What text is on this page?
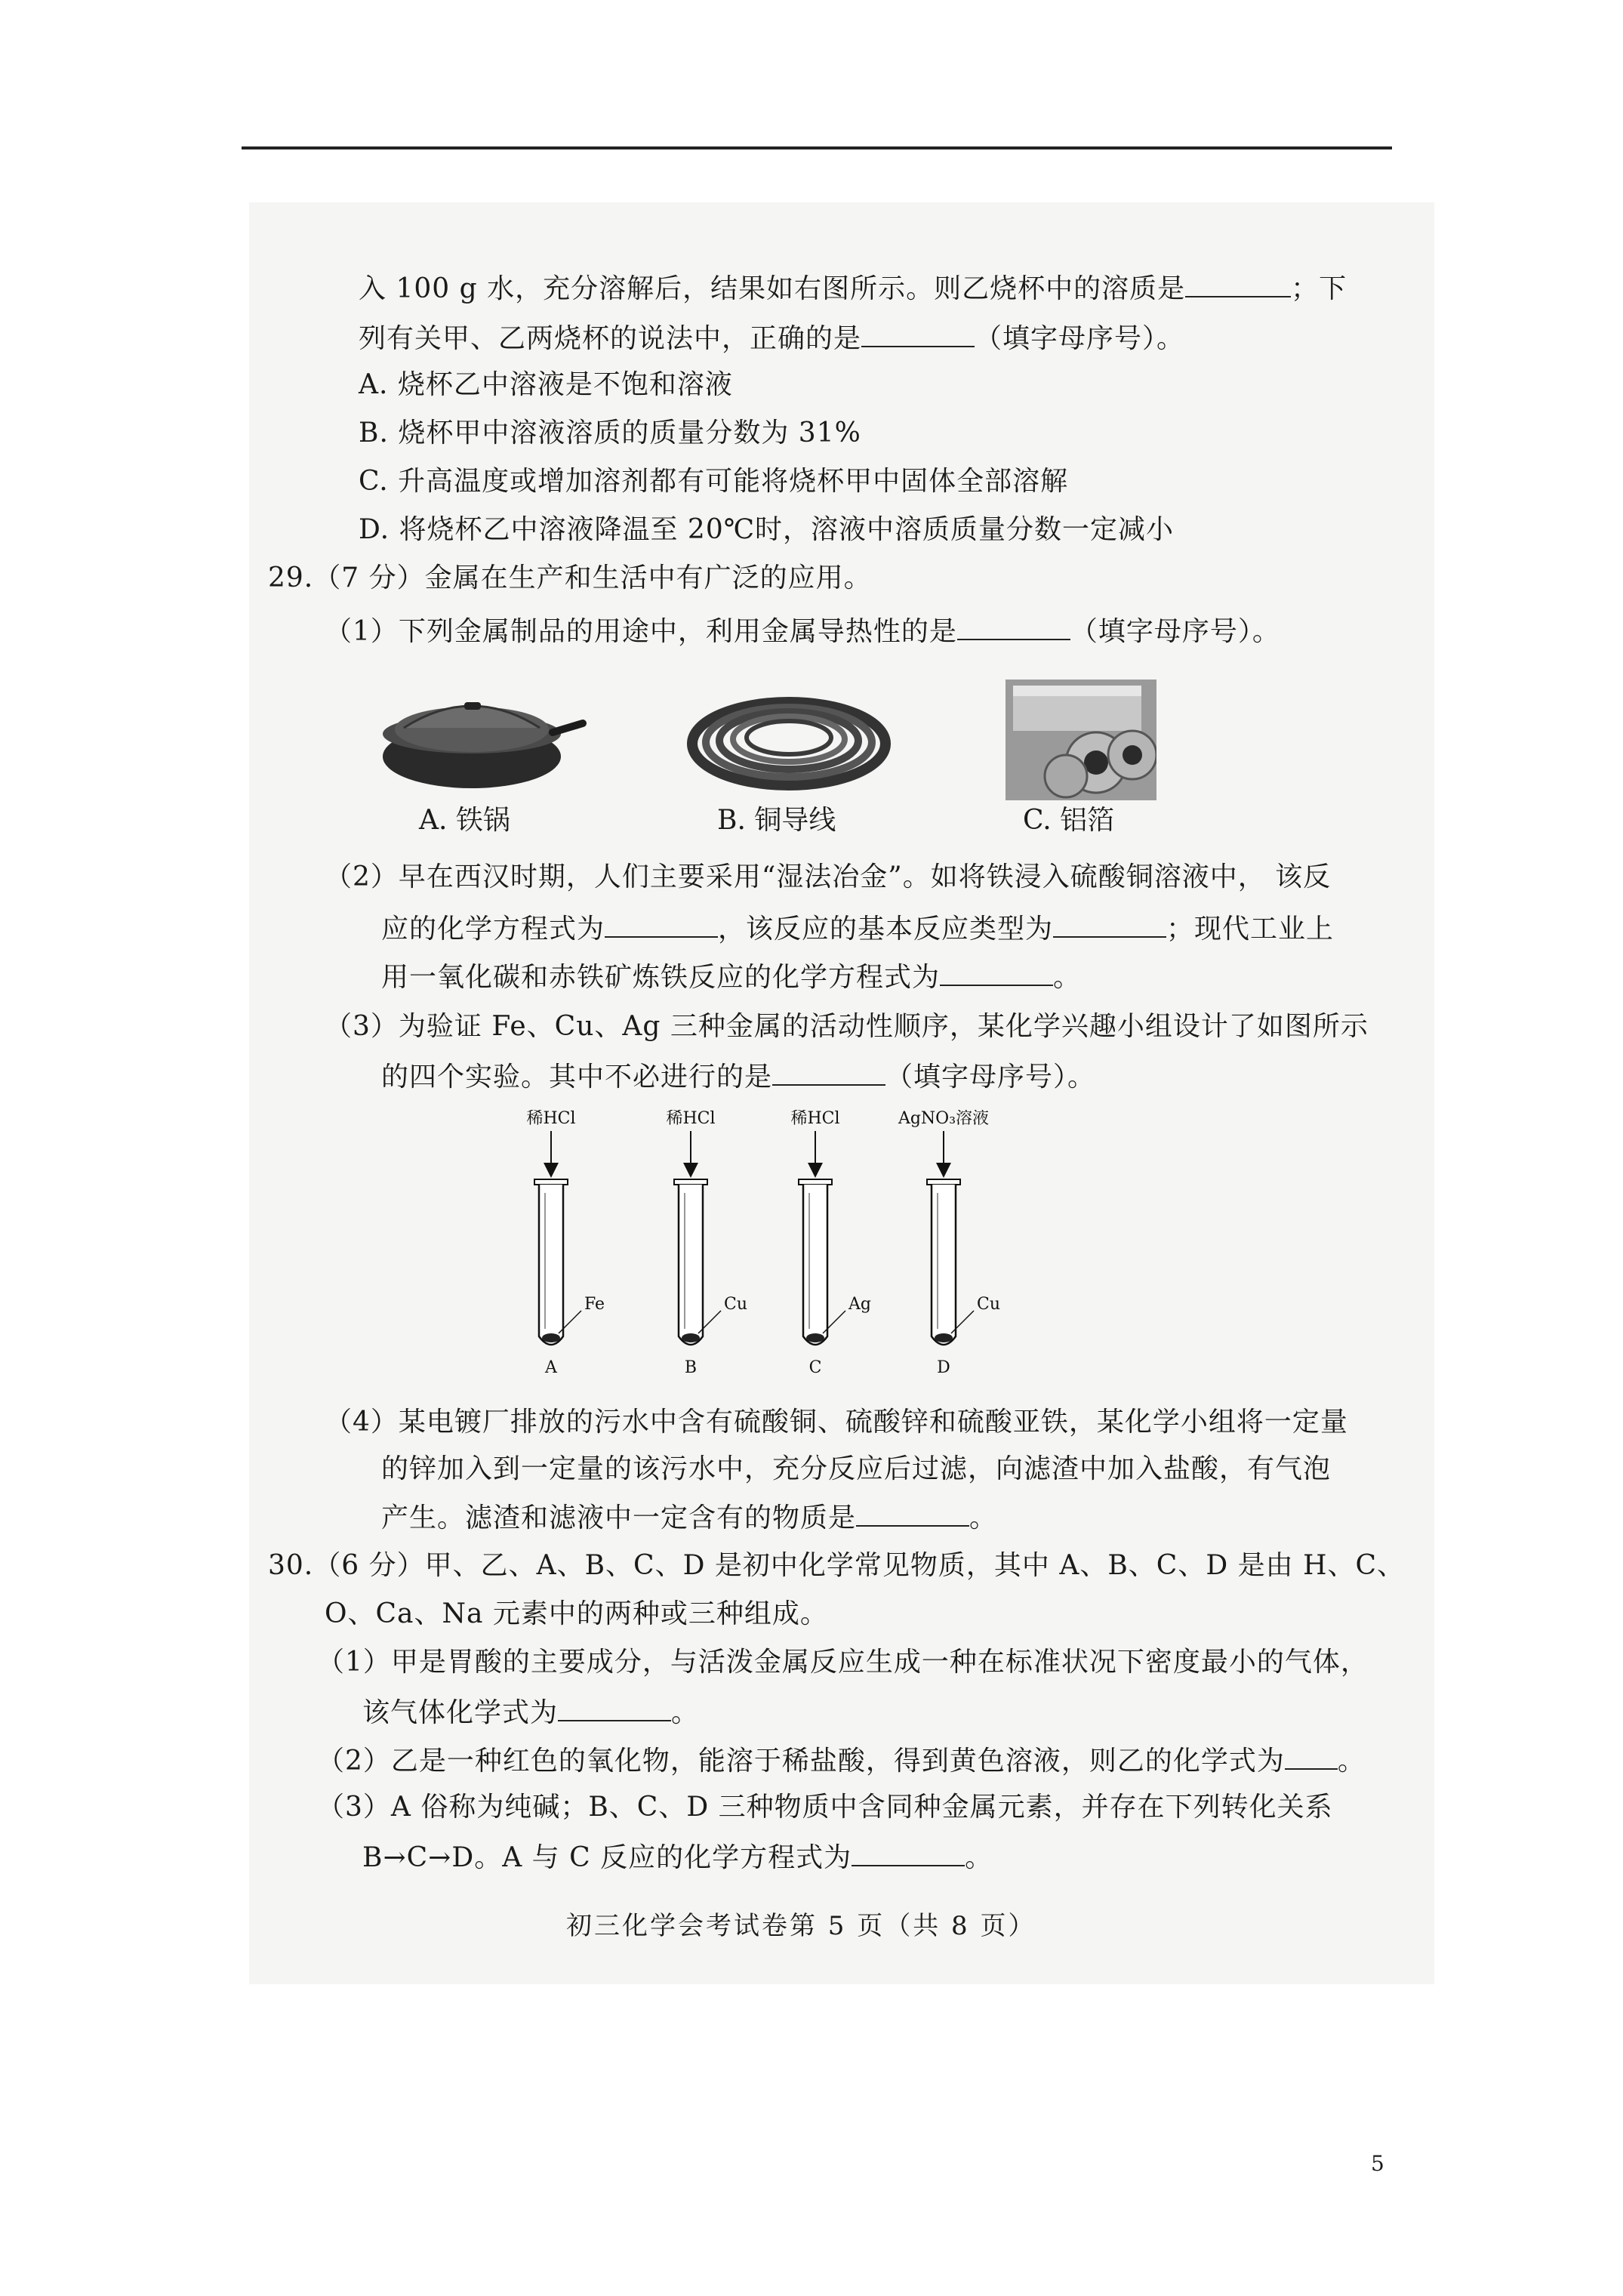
入 100 g 水，充分溶解后，结果如右图所示。则乙烧杯中的溶质是	；下
列有关甲、乙两烧杯的说法中，正确的是	（填字母序号）。
A. 烧杯乙中溶液是不饱和溶液
B. 烧杯甲中溶液溶质的质量分数为 31%
C. 升高温度或增加溶剂都有可能将烧杯甲中固体全部溶解
D. 将烧杯乙中溶液降温至 20℃时，溶液中溶质质量分数一定减小
29.（7 分）金属在生产和生活中有广泛的应用。
（1）下列金属制品的用途中，利用金属导热性的是	（填字母序号）。
A. 铁锅	B. 铜导线	C. 铝箔
（2）早在西汉时期，人们主要采用“湿法冶金”。如将铁浸入硫酸铜溶液中， 该反
应的化学方程式为	，该反应的基本反应类型为	；现代工业上
用一氧化碳和赤铁矿炼铁反应的化学方程式为	。
（3）为验证 Fe、Cu、Ag 三种金属的活动性顺序，某化学兴趣小组设计了如图所示
的四个实验。其中不必进行的是	（填字母序号）。
稀HCl
Fe
A
稀HCl
Cu
B
稀HCl
Ag
C
AgNO₃溶液
Cu
D
（4）某电镀厂排放的污水中含有硫酸铜、硫酸锌和硫酸亚铁，某化学小组将一定量
的锌加入到一定量的该污水中，充分反应后过滤，向滤渣中加入盐酸，有气泡
产生。滤渣和滤液中一定含有的物质是	。
30.（6 分）甲、乙、A、B、C、D 是初中化学常见物质，其中 A、B、C、D 是由 H、C、
O、Ca、Na 元素中的两种或三种组成。
（1）甲是胃酸的主要成分，与活泼金属反应生成一种在标准状况下密度最小的气体，
该气体化学式为	。
（2）乙是一种红色的氧化物，能溶于稀盐酸，得到黄色溶液，则乙的化学式为 。
（3）A 俗称为纯碱；B、C、D 三种物质中含同种金属元素，并存在下列转化关系
B→C→D。A 与 C 反应的化学方程式为	。
初三化学会考试卷第 5 页（共 8 页）
5
